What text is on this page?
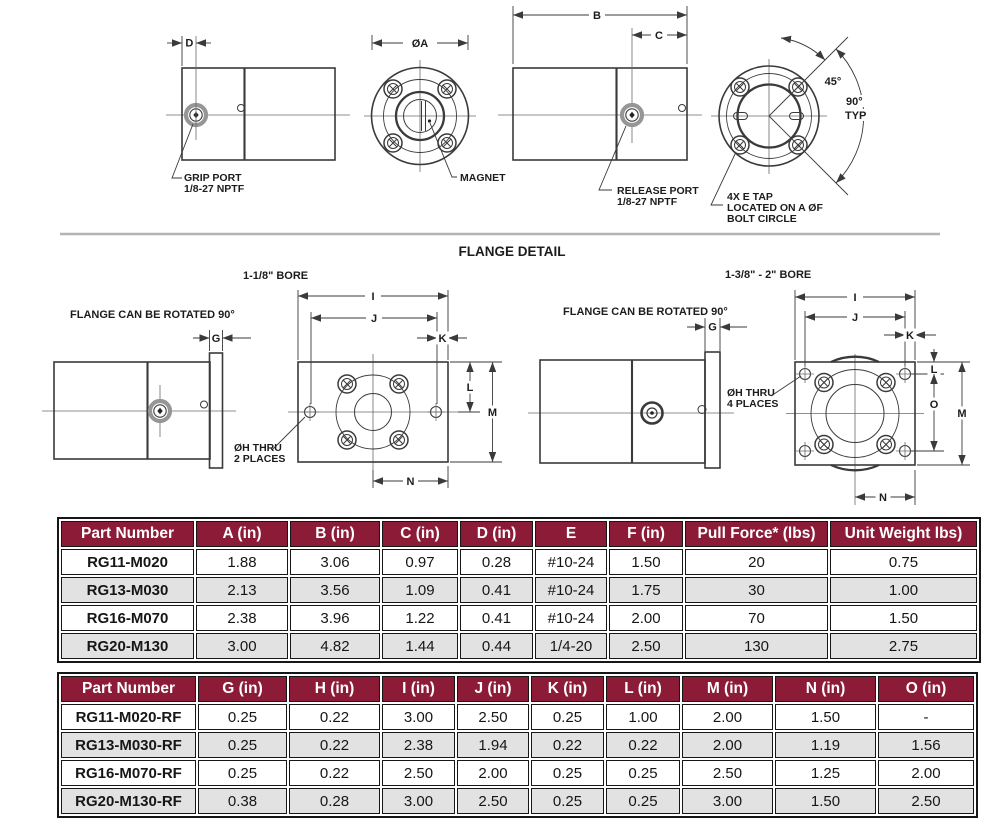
D
GRIP PORT
1/8-27 NPTF
ØA
MAGNET
B
C
RELEASE PORT
1/8-27 NPTF
45°
90°
TYP
4X E TAP
LOCATED ON A ØF
BOLT CIRCLE
FLANGE DETAIL
1-1/8" BORE
FLANGE CAN BE ROTATED 90°
G
I
J
K
L
M
N
ØH THRU
2 PLACES
1-3/8" - 2" BORE
FLANGE CAN BE ROTATED 90°
G
I
J
K
L
O
M
N
ØH THRU
4 PLACES
Part Number	A (in)	B (in)	C (in)	D (in)	E	F (in)	Pull Force* (lbs)	Unit Weight lbs)
RG11-M020	1.88	3.06	0.97	0.28	#10-24	1.50	20	0.75
RG13-M030	2.13	3.56	1.09	0.41	#10-24	1.75	30	1.00
RG16-M070	2.38	3.96	1.22	0.41	#10-24	2.00	70	1.50
RG20-M130	3.00	4.82	1.44	0.44	1/4-20	2.50	130	2.75
Part Number	G (in)	H (in)	I (in)	J (in)	K (in)	L (in)	M (in)	N (in)	O (in)
RG11-M020-RF	0.25	0.22	3.00	2.50	0.25	1.00	2.00	1.50	-
RG13-M030-RF	0.25	0.22	2.38	1.94	0.22	0.22	2.00	1.19	1.56
RG16-M070-RF	0.25	0.22	2.50	2.00	0.25	0.25	2.50	1.25	2.00
RG20-M130-RF	0.38	0.28	3.00	2.50	0.25	0.25	3.00	1.50	2.50
